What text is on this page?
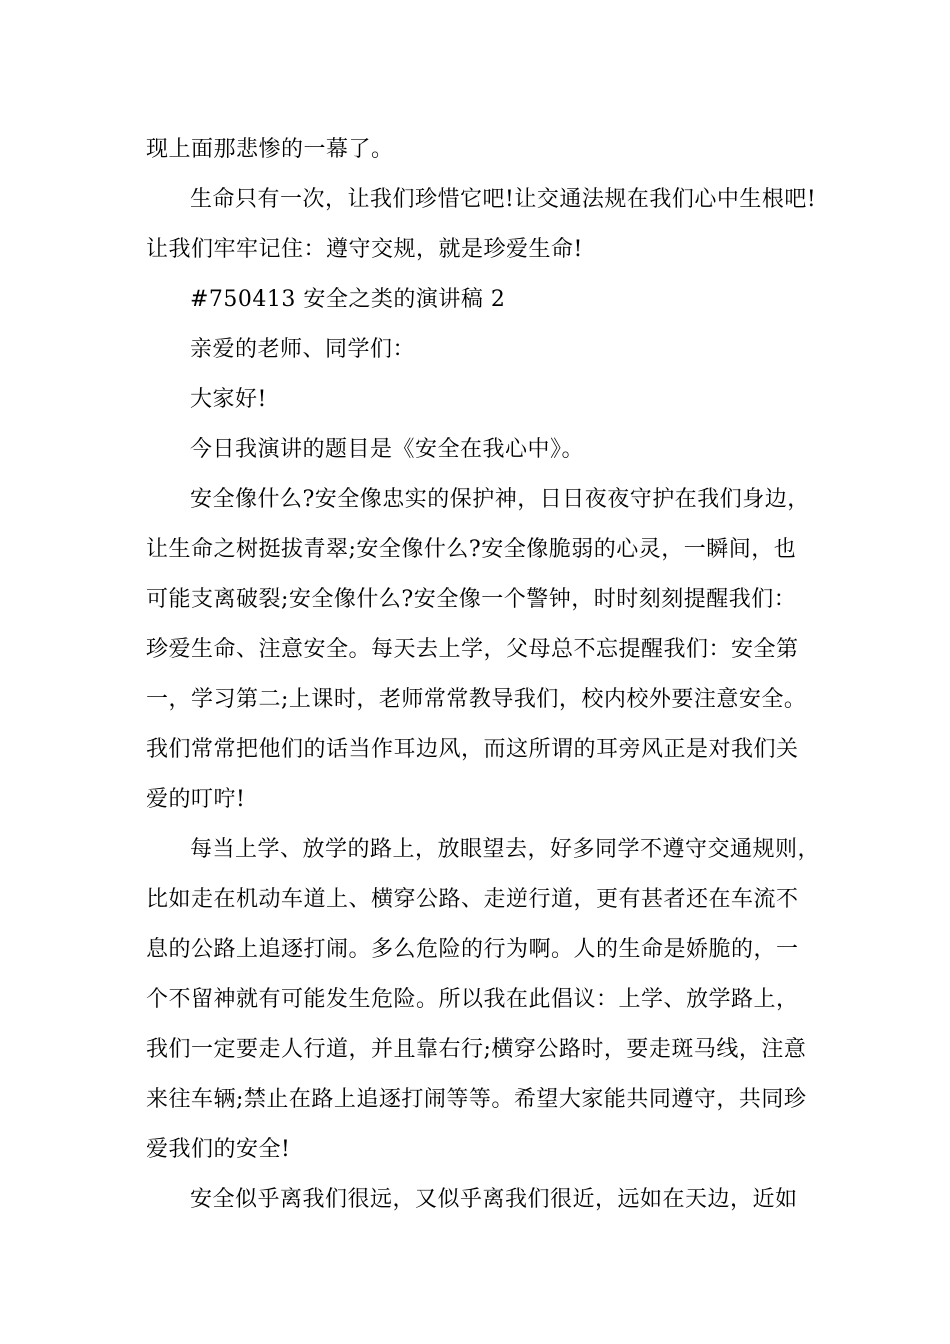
现上面那悲惨的一幕了。
生命只有一次，让我们珍惜它吧!让交通法规在我们心中生根吧!
让我们牢牢记住：遵守交规，就是珍爱生命!
#750413 安全之类的演讲稿 2
亲爱的老师、同学们：
大家好!
今日我演讲的题目是《安全在我心中》。
安全像什么?安全像忠实的保护神，日日夜夜守护在我们身边，
让生命之树挺拔青翠;安全像什么?安全像脆弱的心灵，一瞬间，也
可能支离破裂;安全像什么?安全像一个警钟，时时刻刻提醒我们：
珍爱生命、注意安全。每天去上学，父母总不忘提醒我们：安全第
一，学习第二;上课时，老师常常教导我们，校内校外要注意安全。
我们常常把他们的话当作耳边风，而这所谓的耳旁风正是对我们关
爱的叮咛!
每当上学、放学的路上，放眼望去，好多同学不遵守交通规则，
比如走在机动车道上、横穿公路、走逆行道，更有甚者还在车流不
息的公路上追逐打闹。多么危险的行为啊。人的生命是娇脆的，一
个不留神就有可能发生危险。所以我在此倡议：上学、放学路上，
我们一定要走人行道，并且靠右行;横穿公路时，要走斑马线，注意
来往车辆;禁止在路上追逐打闹等等。希望大家能共同遵守，共同珍
爱我们的安全!
安全似乎离我们很远，又似乎离我们很近，远如在天边，近如
